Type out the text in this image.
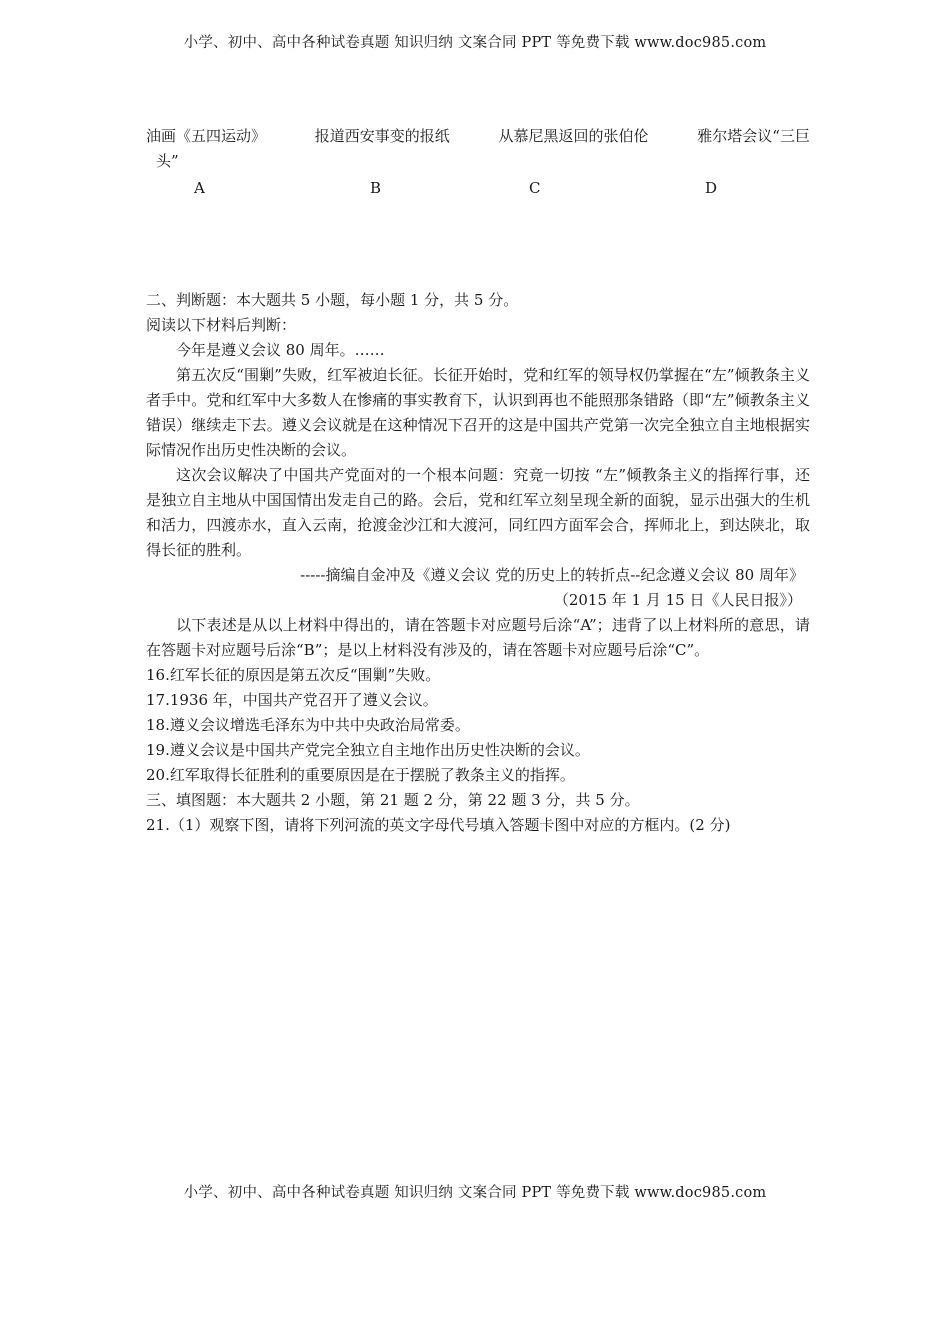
小学、初中、高中各种试卷真题 知识归纳 文案合同 PPT 等免费下载 www.doc985.com
油画《五四运动》	报道西安事变的报纸	从慕尼黑返回的张伯伦	雅尔塔会议“三巨
头”
A	B	C	D
二、判断题：本大题共 5 小题，每小题 1 分，共 5 分。
阅读以下材料后判断：
今年是遵义会议 80 周年。……
第五次反“围剿”失败，红军被迫长征。长征开始时，党和红军的领导权仍掌握在“左”倾教条主义者手中。党和红军中大多数人在惨痛的事实教育下，认识到再也不能照那条错路（即“左”倾教条主义错误）继续走下去。遵义会议就是在这种情况下召开的这是中国共产党第一次完全独立自主地根据实际情况作出历史性决断的会议。
这次会议解决了中国共产党面对的一个根本问题：究竟一切按 “左”倾教条主义的指挥行事，还是独立自主地从中国国情出发走自己的路。会后，党和红军立刻呈现全新的面貌，显示出强大的生机和活力，四渡赤水，直入云南，抢渡金沙江和大渡河，同红四方面军会合，挥师北上，到达陕北，取得长征的胜利。
-----摘编自金冲及《遵义会议 党的历史上的转折点--纪念遵义会议 80 周年》
（2015 年 1 月 15 日《人民日报》）
以下表述是从以上材料中得出的，请在答题卡对应题号后涂“A”；违背了以上材料所的意思，请在答题卡对应题号后涂“B”；是以上材料没有涉及的，请在答题卡对应题号后涂“C”。
16.红军长征的原因是第五次反“围剿”失败。
17.1936 年，中国共产党召开了遵义会议。
18.遵义会议增选毛泽东为中共中央政治局常委。
19.遵义会议是中国共产党完全独立自主地作出历史性决断的会议。
20.红军取得长征胜利的重要原因是在于摆脱了教条主义的指挥。
三、填图题：本大题共 2 小题，第 21 题 2 分，第 22 题 3 分，共 5 分。
21.（1）观察下图，请将下列河流的英文字母代号填入答题卡图中对应的方框内。(2 分)
小学、初中、高中各种试卷真题 知识归纳 文案合同 PPT 等免费下载 www.doc985.com
